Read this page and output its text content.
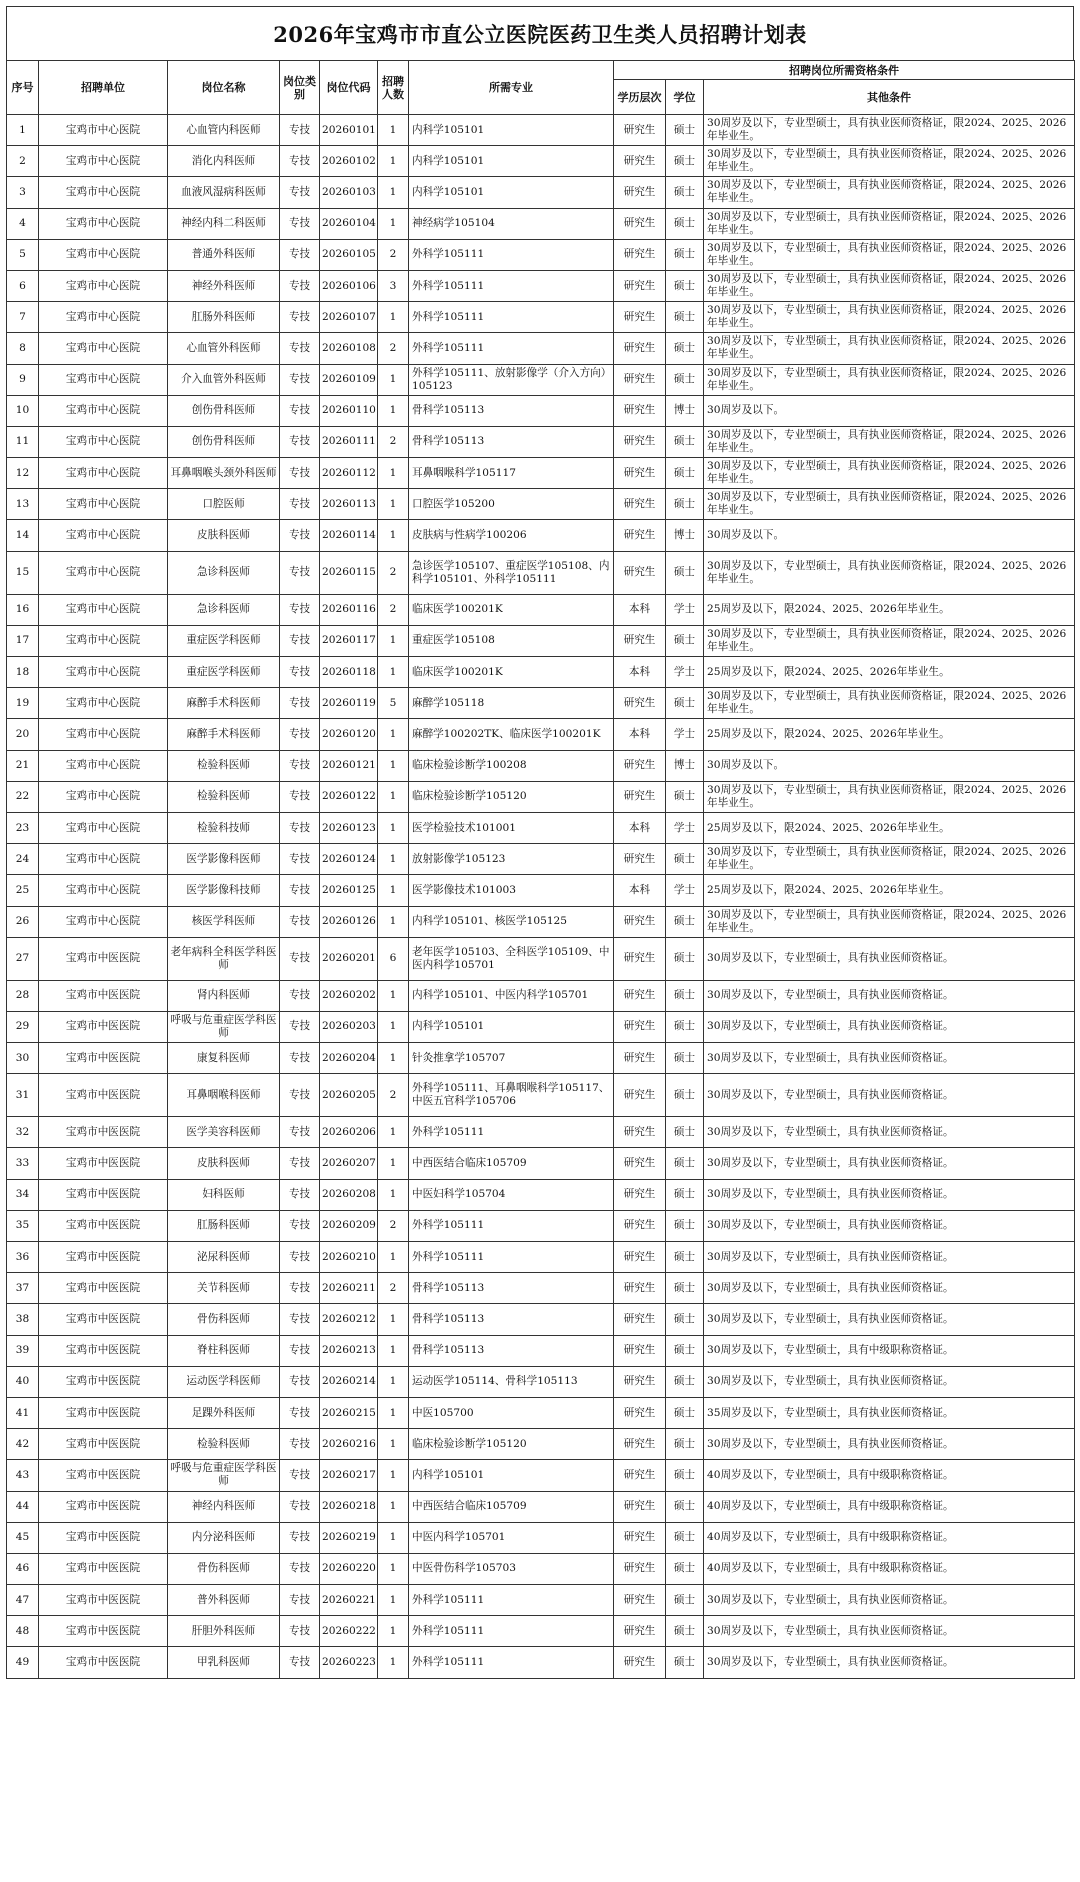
2026年宝鸡市市直公立医院医药卫生类人员招聘计划表
序号	招聘单位	岗位名称	岗位类别	岗位代码	招聘人数	所需专业	招聘岗位所需资格条件		
							学历层次	学位	其他条件
1	宝鸡市中心医院	心血管内科医师	专技	20260101	1	内科学105101	研究生	硕士	30周岁及以下，专业型硕士，具有执业医师资格证，限2024、2025、2026年毕业生。
2	宝鸡市中心医院	消化内科医师	专技	20260102	1	内科学105101	研究生	硕士	30周岁及以下，专业型硕士，具有执业医师资格证，限2024、2025、2026年毕业生。
3	宝鸡市中心医院	血液风湿病科医师	专技	20260103	1	内科学105101	研究生	硕士	30周岁及以下，专业型硕士，具有执业医师资格证，限2024、2025、2026年毕业生。
4	宝鸡市中心医院	神经内科二科医师	专技	20260104	1	神经病学105104	研究生	硕士	30周岁及以下，专业型硕士，具有执业医师资格证，限2024、2025、2026年毕业生。
5	宝鸡市中心医院	普通外科医师	专技	20260105	2	外科学105111	研究生	硕士	30周岁及以下，专业型硕士，具有执业医师资格证，限2024、2025、2026年毕业生。
6	宝鸡市中心医院	神经外科医师	专技	20260106	3	外科学105111	研究生	硕士	30周岁及以下，专业型硕士，具有执业医师资格证，限2024、2025、2026年毕业生。
7	宝鸡市中心医院	肛肠外科医师	专技	20260107	1	外科学105111	研究生	硕士	30周岁及以下，专业型硕士，具有执业医师资格证，限2024、2025、2026年毕业生。
8	宝鸡市中心医院	心血管外科医师	专技	20260108	2	外科学105111	研究生	硕士	30周岁及以下，专业型硕士，具有执业医师资格证，限2024、2025、2026年毕业生。
9	宝鸡市中心医院	介入血管外科医师	专技	20260109	1	外科学105111、放射影像学（介入方向）105123	研究生	硕士	30周岁及以下，专业型硕士，具有执业医师资格证，限2024、2025、2026年毕业生。
10	宝鸡市中心医院	创伤骨科医师	专技	20260110	1	骨科学105113	研究生	博士	30周岁及以下。
11	宝鸡市中心医院	创伤骨科医师	专技	20260111	2	骨科学105113	研究生	硕士	30周岁及以下，专业型硕士，具有执业医师资格证，限2024、2025、2026年毕业生。
12	宝鸡市中心医院	耳鼻咽喉头颈外科医师	专技	20260112	1	耳鼻咽喉科学105117	研究生	硕士	30周岁及以下，专业型硕士，具有执业医师资格证，限2024、2025、2026年毕业生。
13	宝鸡市中心医院	口腔医师	专技	20260113	1	口腔医学105200	研究生	硕士	30周岁及以下，专业型硕士，具有执业医师资格证，限2024、2025、2026年毕业生。
14	宝鸡市中心医院	皮肤科医师	专技	20260114	1	皮肤病与性病学100206	研究生	博士	30周岁及以下。
15	宝鸡市中心医院	急诊科医师	专技	20260115	2	急诊医学105107、重症医学105108、内科学105101、外科学105111	研究生	硕士	30周岁及以下，专业型硕士，具有执业医师资格证，限2024、2025、2026年毕业生。
16	宝鸡市中心医院	急诊科医师	专技	20260116	2	临床医学100201K	本科	学士	25周岁及以下，限2024、2025、2026年毕业生。
17	宝鸡市中心医院	重症医学科医师	专技	20260117	1	重症医学105108	研究生	硕士	30周岁及以下，专业型硕士，具有执业医师资格证，限2024、2025、2026年毕业生。
18	宝鸡市中心医院	重症医学科医师	专技	20260118	1	临床医学100201K	本科	学士	25周岁及以下，限2024、2025、2026年毕业生。
19	宝鸡市中心医院	麻醉手术科医师	专技	20260119	5	麻醉学105118	研究生	硕士	30周岁及以下，专业型硕士，具有执业医师资格证，限2024、2025、2026年毕业生。
20	宝鸡市中心医院	麻醉手术科医师	专技	20260120	1	麻醉学100202TK、临床医学100201K	本科	学士	25周岁及以下，限2024、2025、2026年毕业生。
21	宝鸡市中心医院	检验科医师	专技	20260121	1	临床检验诊断学100208	研究生	博士	30周岁及以下。
22	宝鸡市中心医院	检验科医师	专技	20260122	1	临床检验诊断学105120	研究生	硕士	30周岁及以下，专业型硕士，具有执业医师资格证，限2024、2025、2026年毕业生。
23	宝鸡市中心医院	检验科技师	专技	20260123	1	医学检验技术101001	本科	学士	25周岁及以下，限2024、2025、2026年毕业生。
24	宝鸡市中心医院	医学影像科医师	专技	20260124	1	放射影像学105123	研究生	硕士	30周岁及以下，专业型硕士，具有执业医师资格证，限2024、2025、2026年毕业生。
25	宝鸡市中心医院	医学影像科技师	专技	20260125	1	医学影像技术101003	本科	学士	25周岁及以下，限2024、2025、2026年毕业生。
26	宝鸡市中心医院	核医学科医师	专技	20260126	1	内科学105101、核医学105125	研究生	硕士	30周岁及以下，专业型硕士，具有执业医师资格证，限2024、2025、2026年毕业生。
27	宝鸡市中医医院	老年病科全科医学科医师	专技	20260201	6	老年医学105103、全科医学105109、中医内科学105701	研究生	硕士	30周岁及以下，专业型硕士，具有执业医师资格证。
28	宝鸡市中医医院	肾内科医师	专技	20260202	1	内科学105101、中医内科学105701	研究生	硕士	30周岁及以下，专业型硕士，具有执业医师资格证。
29	宝鸡市中医医院	呼吸与危重症医学科医师	专技	20260203	1	内科学105101	研究生	硕士	30周岁及以下，专业型硕士，具有执业医师资格证。
30	宝鸡市中医医院	康复科医师	专技	20260204	1	针灸推拿学105707	研究生	硕士	30周岁及以下，专业型硕士，具有执业医师资格证。
31	宝鸡市中医医院	耳鼻咽喉科医师	专技	20260205	2	外科学105111、耳鼻咽喉科学105117、中医五官科学105706	研究生	硕士	30周岁及以下，专业型硕士，具有执业医师资格证。
32	宝鸡市中医医院	医学美容科医师	专技	20260206	1	外科学105111	研究生	硕士	30周岁及以下，专业型硕士，具有执业医师资格证。
33	宝鸡市中医医院	皮肤科医师	专技	20260207	1	中西医结合临床105709	研究生	硕士	30周岁及以下，专业型硕士，具有执业医师资格证。
34	宝鸡市中医医院	妇科医师	专技	20260208	1	中医妇科学105704	研究生	硕士	30周岁及以下，专业型硕士，具有执业医师资格证。
35	宝鸡市中医医院	肛肠科医师	专技	20260209	2	外科学105111	研究生	硕士	30周岁及以下，专业型硕士，具有执业医师资格证。
36	宝鸡市中医医院	泌尿科医师	专技	20260210	1	外科学105111	研究生	硕士	30周岁及以下，专业型硕士，具有执业医师资格证。
37	宝鸡市中医医院	关节科医师	专技	20260211	2	骨科学105113	研究生	硕士	30周岁及以下，专业型硕士，具有执业医师资格证。
38	宝鸡市中医医院	骨伤科医师	专技	20260212	1	骨科学105113	研究生	硕士	30周岁及以下，专业型硕士，具有执业医师资格证。
39	宝鸡市中医医院	脊柱科医师	专技	20260213	1	骨科学105113	研究生	硕士	30周岁及以下，专业型硕士，具有中级职称资格证。
40	宝鸡市中医医院	运动医学科医师	专技	20260214	1	运动医学105114、骨科学105113	研究生	硕士	30周岁及以下，专业型硕士，具有执业医师资格证。
41	宝鸡市中医医院	足踝外科医师	专技	20260215	1	中医105700	研究生	硕士	35周岁及以下，专业型硕士，具有执业医师资格证。
42	宝鸡市中医医院	检验科医师	专技	20260216	1	临床检验诊断学105120	研究生	硕士	30周岁及以下，专业型硕士，具有执业医师资格证。
43	宝鸡市中医医院	呼吸与危重症医学科医师	专技	20260217	1	内科学105101	研究生	硕士	40周岁及以下，专业型硕士，具有中级职称资格证。
44	宝鸡市中医医院	神经内科医师	专技	20260218	1	中西医结合临床105709	研究生	硕士	40周岁及以下，专业型硕士，具有中级职称资格证。
45	宝鸡市中医医院	内分泌科医师	专技	20260219	1	中医内科学105701	研究生	硕士	40周岁及以下，专业型硕士，具有中级职称资格证。
46	宝鸡市中医医院	骨伤科医师	专技	20260220	1	中医骨伤科学105703	研究生	硕士	40周岁及以下，专业型硕士，具有中级职称资格证。
47	宝鸡市中医医院	普外科医师	专技	20260221	1	外科学105111	研究生	硕士	30周岁及以下，专业型硕士，具有执业医师资格证。
48	宝鸡市中医医院	肝胆外科医师	专技	20260222	1	外科学105111	研究生	硕士	30周岁及以下，专业型硕士，具有执业医师资格证。
49	宝鸡市中医医院	甲乳科医师	专技	20260223	1	外科学105111	研究生	硕士	30周岁及以下，专业型硕士，具有执业医师资格证。
